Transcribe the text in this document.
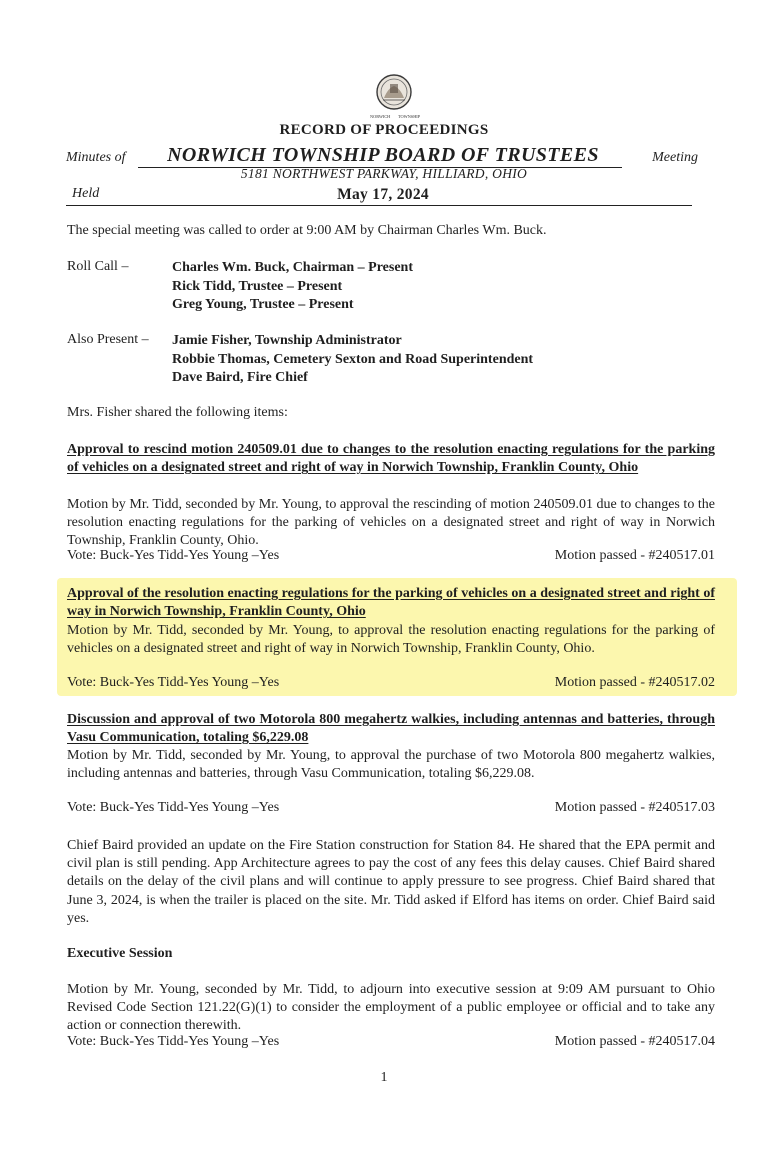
NORWICH TOWNSHIP
RECORD OF PROCEEDINGS
Minutes of	NORWICH TOWNSHIP BOARD OF TRUSTEES	Meeting
5181 NORTHWEST PARKWAY, HILLIARD, OHIO
Held	May 17, 2024
The special meeting was called to order at 9:00 AM by Chairman Charles Wm. Buck.
Roll Call –	Charles Wm. Buck, Chairman – Present
Rick Tidd, Trustee – Present
Greg Young, Trustee – Present
Also Present – Jamie Fisher, Township Administrator
Robbie Thomas, Cemetery Sexton and Road Superintendent
Dave Baird, Fire Chief
Mrs. Fisher shared the following items:
Approval to rescind motion 240509.01 due to changes to the resolution enacting regulations for the parking of vehicles on a designated street and right of way in Norwich Township, Franklin County, Ohio
Motion by Mr. Tidd, seconded by Mr. Young, to approval the rescinding of motion 240509.01 due to changes to the resolution enacting regulations for the parking of vehicles on a designated street and right of way in Norwich Township, Franklin County, Ohio.
Vote: Buck-Yes Tidd-Yes Young –Yes	Motion passed - #240517.01
Approval of the resolution enacting regulations for the parking of vehicles on a designated street and right of way in Norwich Township, Franklin County, Ohio
Motion by Mr. Tidd, seconded by Mr. Young, to approval the resolution enacting regulations for the parking of vehicles on a designated street and right of way in Norwich Township, Franklin County, Ohio.
Vote: Buck-Yes Tidd-Yes Young –Yes	Motion passed - #240517.02
Discussion and approval of two Motorola 800 megahertz walkies, including antennas and batteries, through Vasu Communication, totaling $6,229.08
Motion by Mr. Tidd, seconded by Mr. Young, to approval the purchase of two Motorola 800 megahertz walkies, including antennas and batteries, through Vasu Communication, totaling $6,229.08.
Vote: Buck-Yes Tidd-Yes Young –Yes	Motion passed - #240517.03
Chief Baird provided an update on the Fire Station construction for Station 84. He shared that the EPA permit and civil plan is still pending. App Architecture agrees to pay the cost of any fees this delay causes. Chief Baird shared details on the delay of the civil plans and will continue to apply pressure to see progress. Chief Baird shared that June 3, 2024, is when the trailer is placed on the site. Mr. Tidd asked if Elford has items on order. Chief Baird said yes.
Executive Session
Motion by Mr. Young, seconded by Mr. Tidd, to adjourn into executive session at 9:09 AM pursuant to Ohio Revised Code Section 121.22(G)(1) to consider the employment of a public employee or official and to take any action or connection therewith.
Vote: Buck-Yes Tidd-Yes Young –Yes	Motion passed - #240517.04
1
